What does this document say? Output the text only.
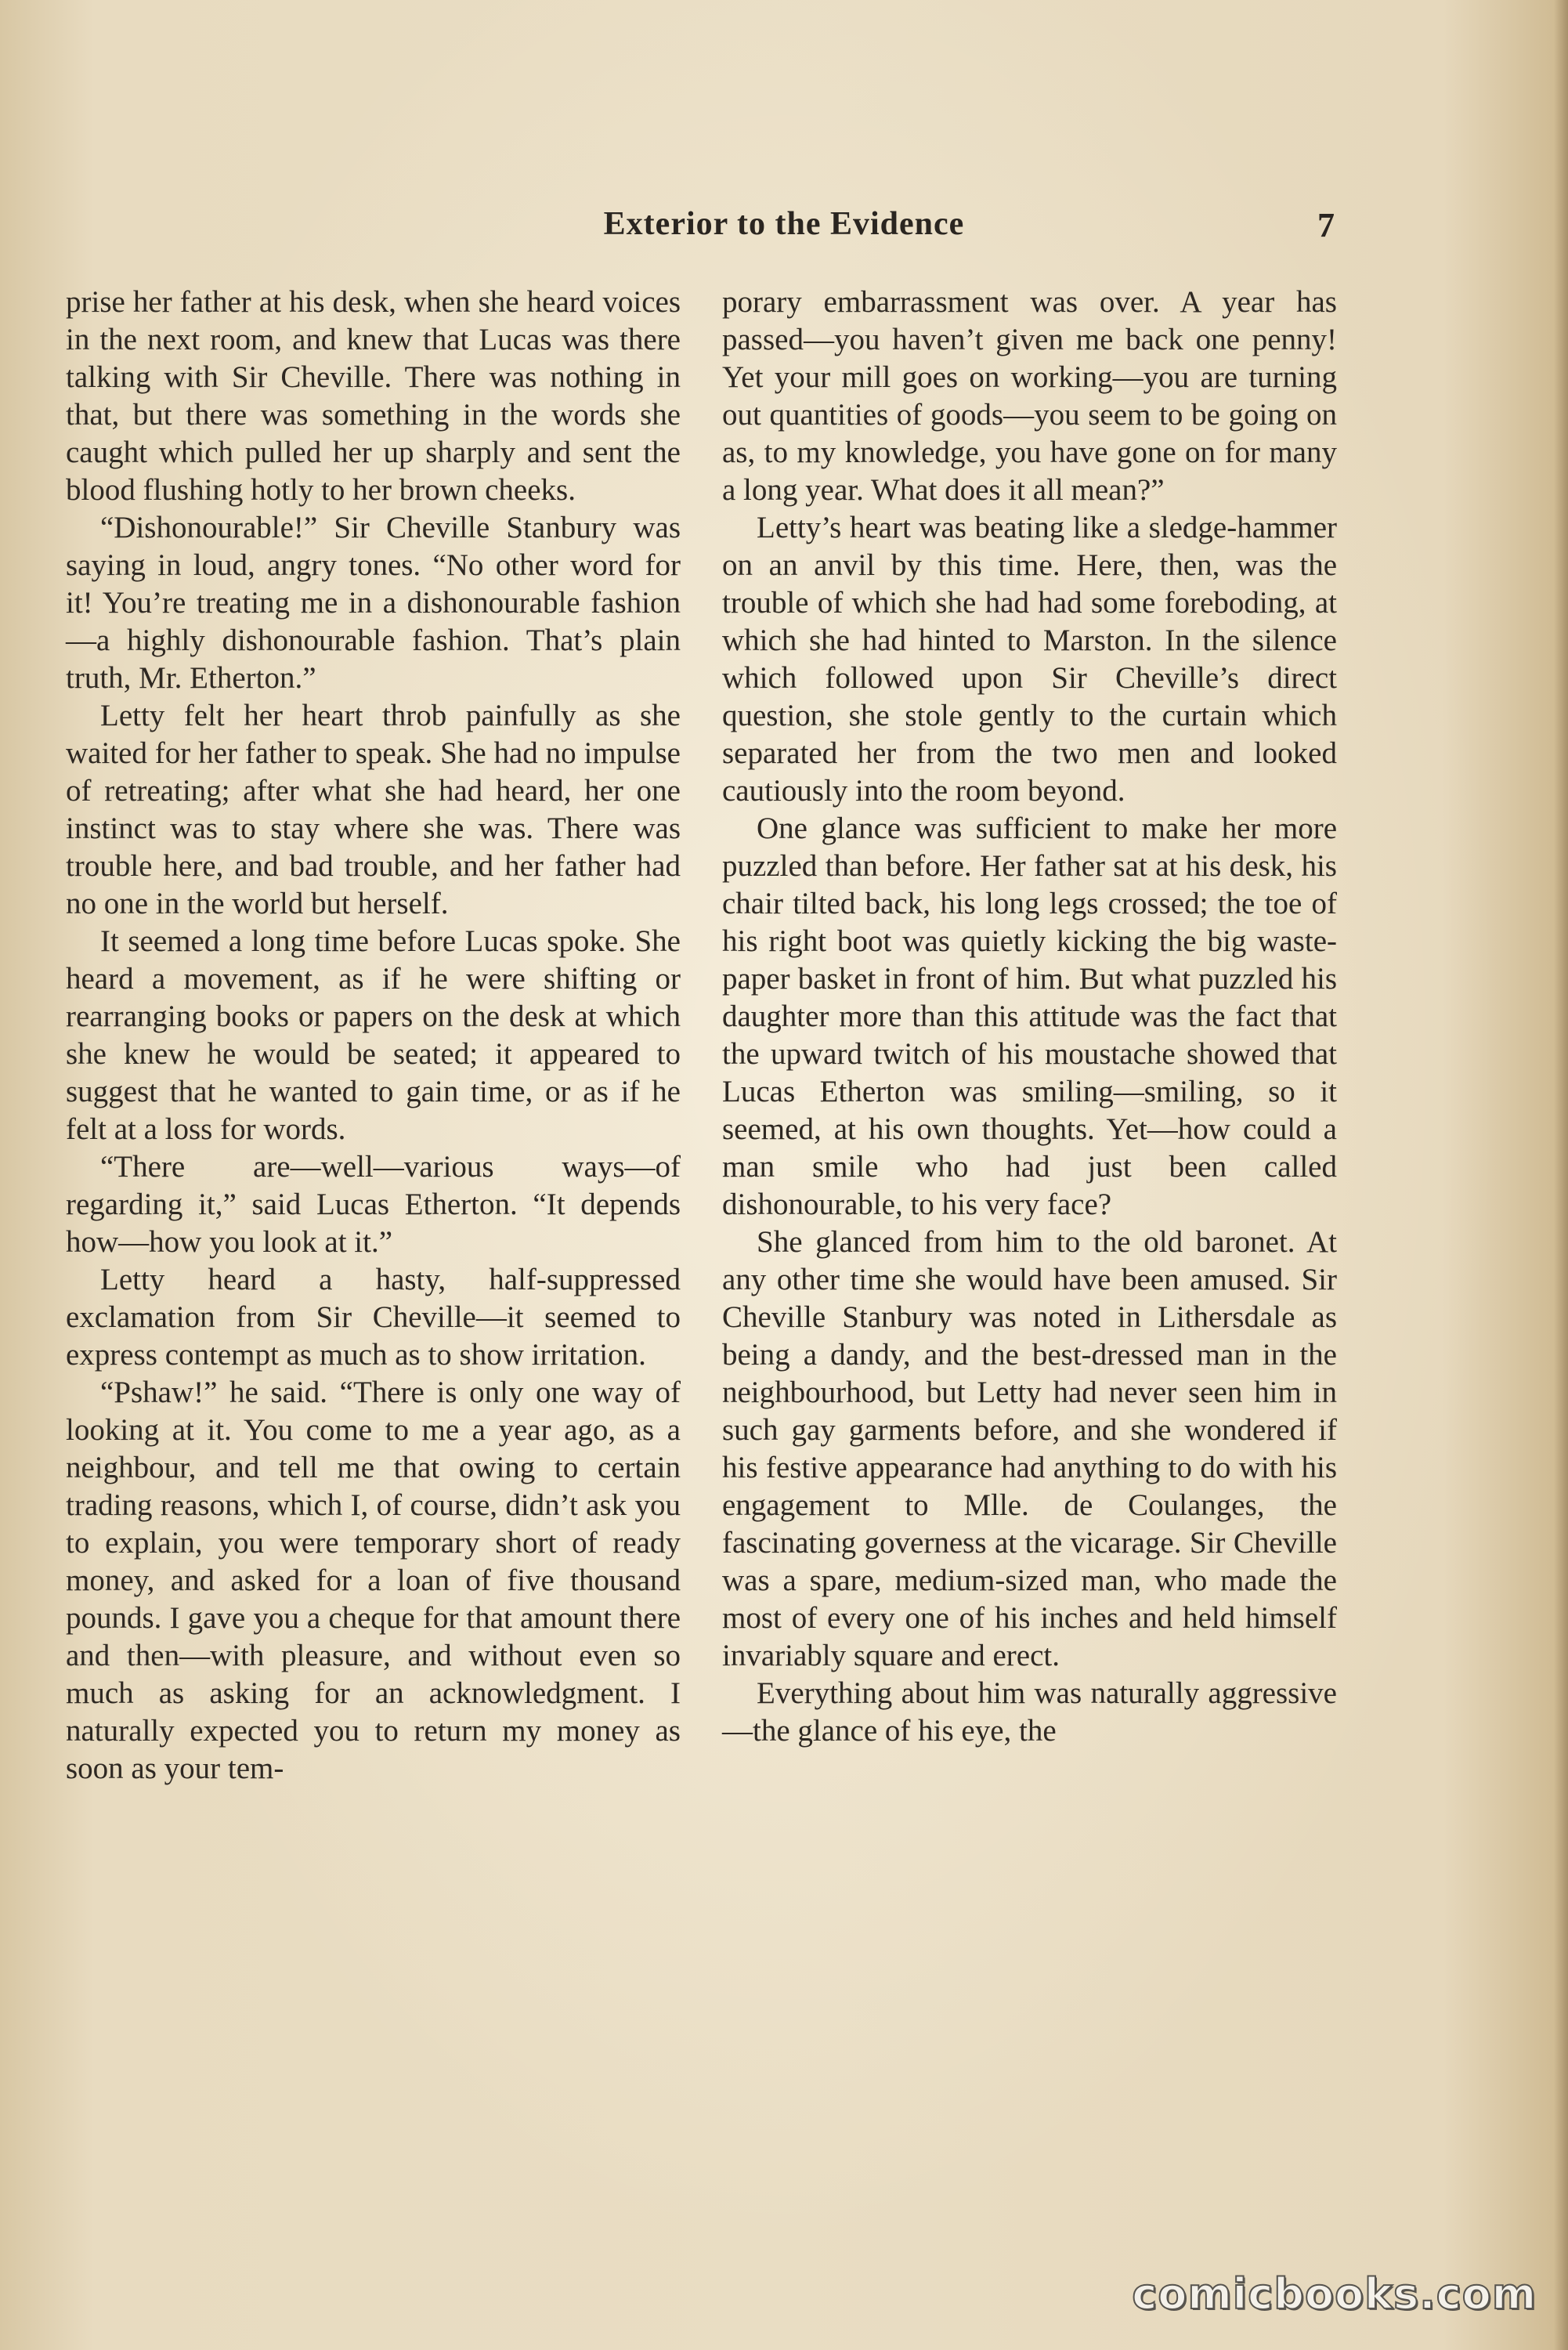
Exterior to the Evidence	7

prise her father at his desk, when she heard voices in the next room, and knew that Lucas was there talking with Sir Cheville. There was nothing in that, but there was something in the words she caught which pulled her up sharply and sent the blood flushing hotly to her brown cheeks.

“Dishonourable!” Sir Cheville Stanbury was saying in loud, angry tones. “No other word for it! You’re treating me in a dishonourable fashion—a highly dishonourable fashion. That’s plain truth, Mr. Etherton.”

Letty felt her heart throb painfully as she waited for her father to speak. She had no impulse of retreating; after what she had heard, her one instinct was to stay where she was. There was trouble here, and bad trouble, and her father had no one in the world but herself.

It seemed a long time before Lucas spoke. She heard a movement, as if he were shifting or rearranging books or papers on the desk at which she knew he would be seated; it appeared to suggest that he wanted to gain time, or as if he felt at a loss for words.

“There are—well—various ways—of regarding it,” said Lucas Etherton. “It depends how—how you look at it.”

Letty heard a hasty, half-suppressed exclamation from Sir Cheville—it seemed to express contempt as much as to show irritation.

“Pshaw!” he said. “There is only one way of looking at it. You come to me a year ago, as a neighbour, and tell me that owing to certain trading reasons, which I, of course, didn’t ask you to explain, you were temporary short of ready money, and asked for a loan of five thousand pounds. I gave you a cheque for that amount there and then—with pleasure, and without even so much as asking for an acknowledgment. I naturally expected you to return my money as soon as your tem-

porary embarrassment was over. A year has passed—you haven’t given me back one penny! Yet your mill goes on working—you are turning out quantities of goods—you seem to be going on as, to my knowledge, you have gone on for many a long year. What does it all mean?”

Letty’s heart was beating like a sledge-hammer on an anvil by this time. Here, then, was the trouble of which she had had some foreboding, at which she had hinted to Marston. In the silence which followed upon Sir Cheville’s direct question, she stole gently to the curtain which separated her from the two men and looked cautiously into the room beyond.

One glance was sufficient to make her more puzzled than before. Her father sat at his desk, his chair tilted back, his long legs crossed; the toe of his right boot was quietly kicking the big waste-paper basket in front of him. But what puzzled his daughter more than this attitude was the fact that the upward twitch of his moustache showed that Lucas Etherton was smiling—smiling, so it seemed, at his own thoughts. Yet—how could a man smile who had just been called dishonourable, to his very face?

She glanced from him to the old baronet. At any other time she would have been amused. Sir Cheville Stanbury was noted in Lithersdale as being a dandy, and the best-dressed man in the neighbourhood, but Letty had never seen him in such gay garments before, and she wondered if his festive appearance had anything to do with his engagement to Mlle. de Coulanges, the fascinating governess at the vicarage. Sir Cheville was a spare, medium-sized man, who made the most of every one of his inches and held himself invariably square and erect.

Everything about him was naturally aggressive—the glance of his eye, the

comicbooks.com
